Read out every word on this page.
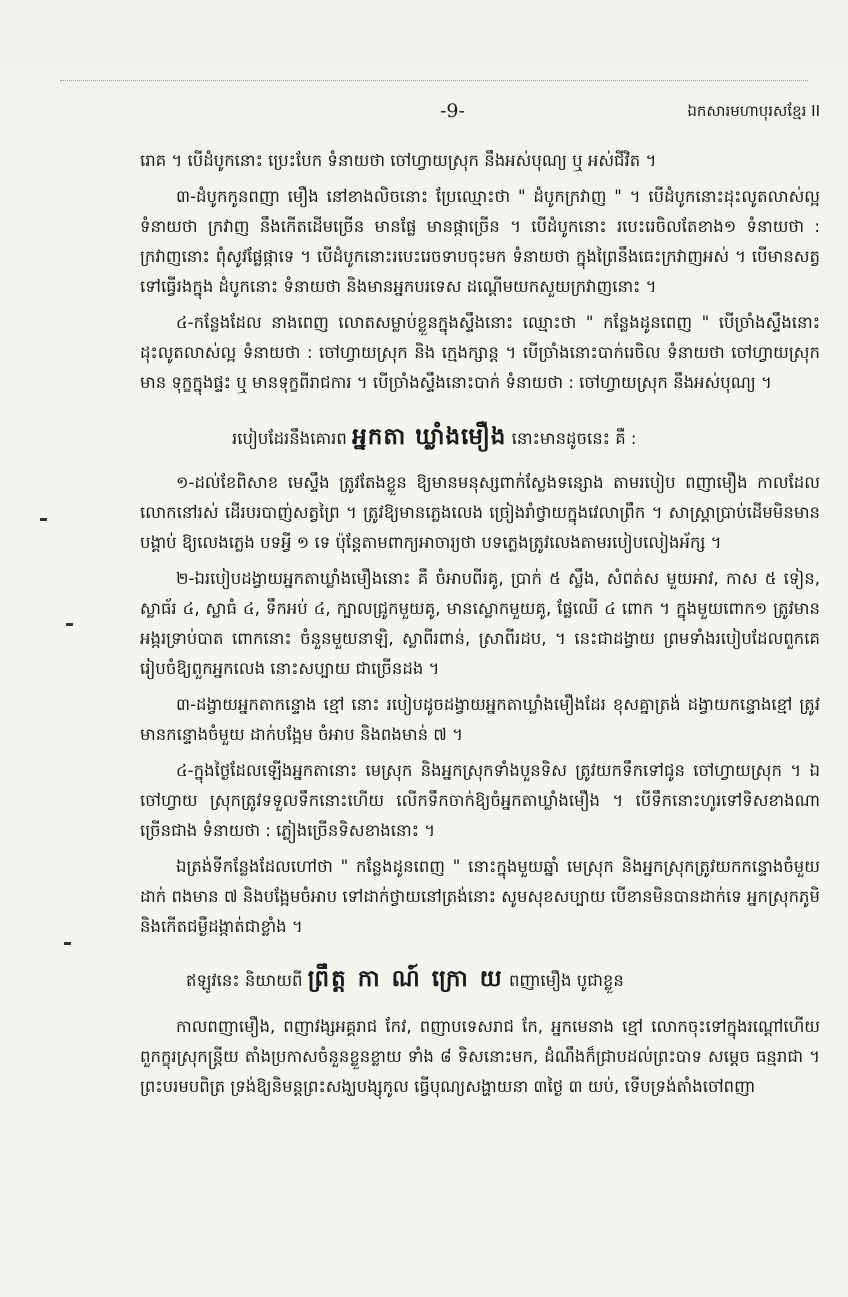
-9-	ឯកសារមហាបុរសខ្មែរ II

រោគ ។ បើដំបូកនោះ ប្រេះបែក ទំនាយថា ចៅហ្វាយស្រុក នឹងអស់បុណ្យ ឬ អស់ជីវិត ។

៣-ដំបូកកូនពញា មឿង នៅខាងលិចនោះ ប្រែឈ្មោះថា " ដំបូកក្រវាញ " ។ បើដំបូកនោះដុះលូតលាស់ល្អ ទំនាយថា ក្រវាញ នឹងកើតដើមច្រើន មានផ្លែ មានផ្កាច្រើន ។ បើដំបូកនោះ របេះរេចិលតែខាង១ ទំនាយថា : ក្រវាញនោះ ពុំសូវផ្លែផ្កាទេ ។ បើដំបូកនោះរបេះរេចទាបចុះមក ទំនាយថា ក្នុងព្រៃនឹងធេះក្រវាញអស់ ។ បើមានសត្វទៅធ្វើរងក្នុង ដំបូកនោះ ទំនាយថា និងមានអ្នកបរទេស ដណ្តើមយកសួយក្រវាញនោះ ។

៤-កន្លែងដែល នាងពេញ លោតសម្លាប់ខ្លួនក្នុងស្ទឹងនោះ ឈ្មោះថា " កន្លែងដូនពេញ " បើច្រាំងស្ទឹងនោះដុះលូតលាស់ល្អ ទំនាយថា : ចៅហ្វាយស្រុក និង ក្មេងក្សាន្ត ។ បើច្រាំងនោះបាក់រេចិល ទំនាយថា ចៅហ្វាយស្រុកមាន ទុក្ខក្នុងផ្ទះ ឬ មានទុក្ខពីរាជការ ។ បើច្រាំងស្ទឹងនោះបាក់ ទំនាយថា : ចៅហ្វាយស្រុក នឹងអស់បុណ្យ ។

របៀបដែរនឹងគោរព អ្នកតា ឃ្លាំងមឿង នោះមានដូចនេះ គឺ :

១-ដល់ខែពិសាខ មេស្ទឹង ត្រូវតែងខ្លួន ឱ្យមានមនុស្សពាក់ស្លែងទន្សោង តាមរបៀប ពញាមឿង កាលដែល លោកនៅរស់ ដើរបរបាញ់សត្វព្រៃ ។ ត្រូវឱ្យមានភ្លេងលេង ច្រៀងរាំថ្វាយក្នុងវេលាព្រឹក ។ សាស្ត្រាប្រាប់ដើមមិនមានបង្គាប់ ឱ្យលេងភ្លេង បទអ្វី ១ ទេ ប៉ុន្តែតាមពាក្យអាចារ្យថា បទភ្លេងត្រូវលេងតាមរបៀបលៀងអ័ក្ស ។

២-ឯរបៀបដង្វាយអ្នកតាឃ្លាំងមឿងនោះ គឺ ចំអាបពីរគូ, ប្រាក់ ៥ ស្លឹង, សំពត់ស មួយអាវ, កាស ៥ ទៀន, ស្លាធ័រ ៤, ស្លាធំ ៤, ទឹកអប់ ៤, ក្បាលជ្រូកមួយគូ, មានស្លោកមួយគូ, ផ្លែឈើ ៤ ពោក ។ ក្នុងមួយពោក១ ត្រូវមានអង្ករទ្រាប់បាត ពោកនោះ ចំនួនមួយនាឡិ, ស្លាពីរពាន់, ស្រាពីរដប, ។ នេះជាដង្វាយ ព្រមទាំងរបៀបដែលពួកគេរៀបចំឱ្យពួកអ្នកលេង នោះសប្បាយ ជាច្រើនដង ។

៣-ដង្វាយអ្នកតាកន្ទោង ខ្មៅ នោះ របៀបដូចដង្វាយអ្នកតាឃ្លាំងមឿងដែរ ខុសគ្នាត្រង់ ដង្វាយកន្ទោងខ្មៅ ត្រូវមានកន្ទោងចំមួយ ដាក់បង្អែម ចំអាប និងពងមាន់ ៧ ។

៤-ក្នុងថ្ងៃដែលឡើងអ្នកតានោះ មេស្រុក និងអ្នកស្រុកទាំងបួនទិស ត្រូវយកទឹកទៅជូន ចៅហ្វាយស្រុក ។ ឯ ចៅហ្វាយ ស្រុកត្រូវទទួលទឹកនោះហើយ លើកទឹកចាក់ឱ្យចំអ្នកតាឃ្លាំងមឿង ។ បើទឹកនោះហូរទៅទិសខាងណាច្រើនជាង ទំនាយថា : ភ្លៀងច្រើនទិសខាងនោះ ។

ឯត្រង់ទីកន្លែងដែលហៅថា " កន្លែងដូនពេញ " នោះក្នុងមួយឆ្នាំ មេស្រុក និងអ្នកស្រុកត្រូវយកកន្ទោងចំមួយ ដាក់ ពងមាន ៧ និងបង្អែមចំអាប ទៅដាក់ថ្វាយនៅត្រង់នោះ សូមសុខសប្បាយ បើខានមិនបានដាក់ទេ អ្នកស្រុកភូមិ និងកើតជម្ងឺដង្កាត់ជាខ្លាំង ។

ឥឡូវនេះ និយាយពី ព្រឹត្ត កា ណ៍ ក្រោ យ ពញាមឿង បូជាខ្លួន

កាលពញាមឿង, ពញាវង្សអគ្គរាជ កែវ, ពញាបទេសរាជ កែ, អ្នកមេនាង ខ្មៅ លោកចុះទៅក្នុងរណ្តៅហើយពួកក្ខុរស្រុកន្ត្រីយ តាំងប្រកាសចំនួនខ្លួនខ្លាយ ទាំង ៨ ទិសនោះមក, ដំណឹងក៏ជ្រាបដល់ព្រះបាទ សម្តេច ធន្មរាជា ។ ព្រះបរមបពិត្រ ទ្រង់ឱ្យនិមន្តព្រះសង្ឃបង្សុកូល ធ្វើបុណ្យសង្ហាយនា ៣ថ្ងៃ ៣ យប់, ទើបទ្រង់តាំងចៅពញា
